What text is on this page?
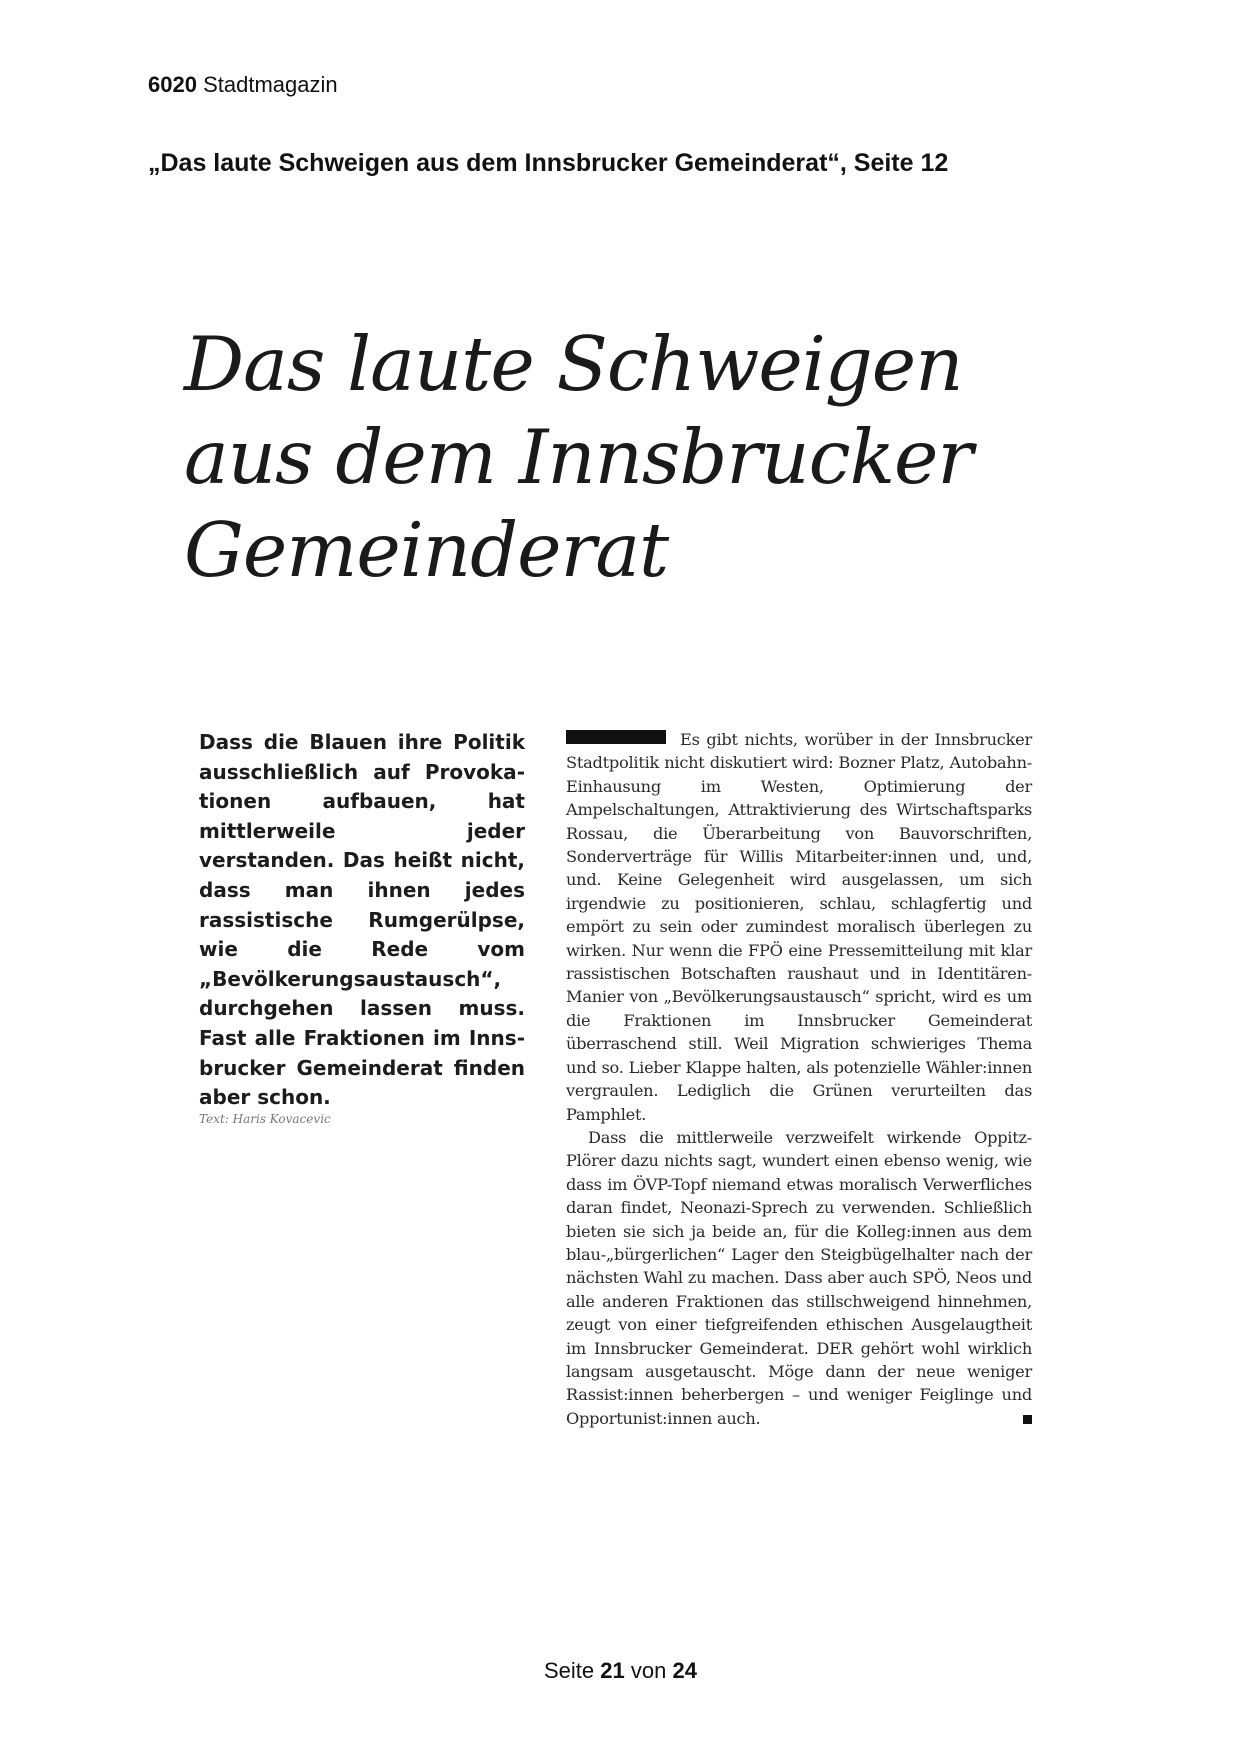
6020 Stadtmagazin
„Das laute Schweigen aus dem Innsbrucker Gemeinderat“, Seite 12
Das laute Schweigen
aus dem Innsbrucker
Gemeinderat

Dass die Blauen ihre Politik ausschließlich auf Provokationen aufbauen, hat mittlerweile jeder verstanden. Das heißt nicht, dass man ihnen jedes rassistische Rumgerülpse, wie die Rede vom „Bevölkerungsaustausch“, durchgehen lassen muss. Fast alle Fraktionen im Innsbrucker Gemeinderat finden aber schon.

Text: Haris Kovacevic

Es gibt nichts, worüber in der Innsbrucker Stadtpolitik nicht diskutiert wird: Bozner Platz, Autobahn-Einhausung im Westen, Optimierung der Ampelschaltungen, Attraktivierung des Wirtschaftsparks Rossau, die Überarbeitung von Bauvorschriften, Sonderverträge für Willis Mitarbeiter:innen und, und, und. Keine Gelegenheit wird ausgelassen, um sich irgendwie zu positionieren, schlau, schlagfertig und empört zu sein oder zumindest moralisch überlegen zu wirken. Nur wenn die FPÖ eine Pressemitteilung mit klar rassistischen Botschaften raushaut und in Identitären-Manier von „Bevölkerungsaustausch“ spricht, wird es um die Fraktionen im Innsbrucker Gemeinderat überraschend still. Weil Migration schwieriges Thema und so. Lieber Klappe halten, als potenzielle Wähler:innen vergraulen. Lediglich die Grünen verurteilten das Pamphlet.

Dass die mittlerweile verzweifelt wirkende Oppitz-Plörer dazu nichts sagt, wundert einen ebenso wenig, wie dass im ÖVP-Topf niemand etwas moralisch Verwerfliches daran findet, Neonazi-Sprech zu verwenden. Schließlich bieten sie sich ja beide an, für die Kolleg:innen aus dem blau-„bürgerlichen“ Lager den Steigbügelhalter nach der nächsten Wahl zu machen. Dass aber auch SPÖ, Neos und alle anderen Fraktionen das stillschweigend hinnehmen, zeugt von einer tiefgreifenden ethischen Ausgelaugtheit im Innsbrucker Gemeinderat. DER gehört wohl wirklich langsam ausgetauscht. Möge dann der neue weniger Rassist:innen beherbergen – und weniger Feiglinge und Opportunist:innen auch.

Seite 21 von 24
